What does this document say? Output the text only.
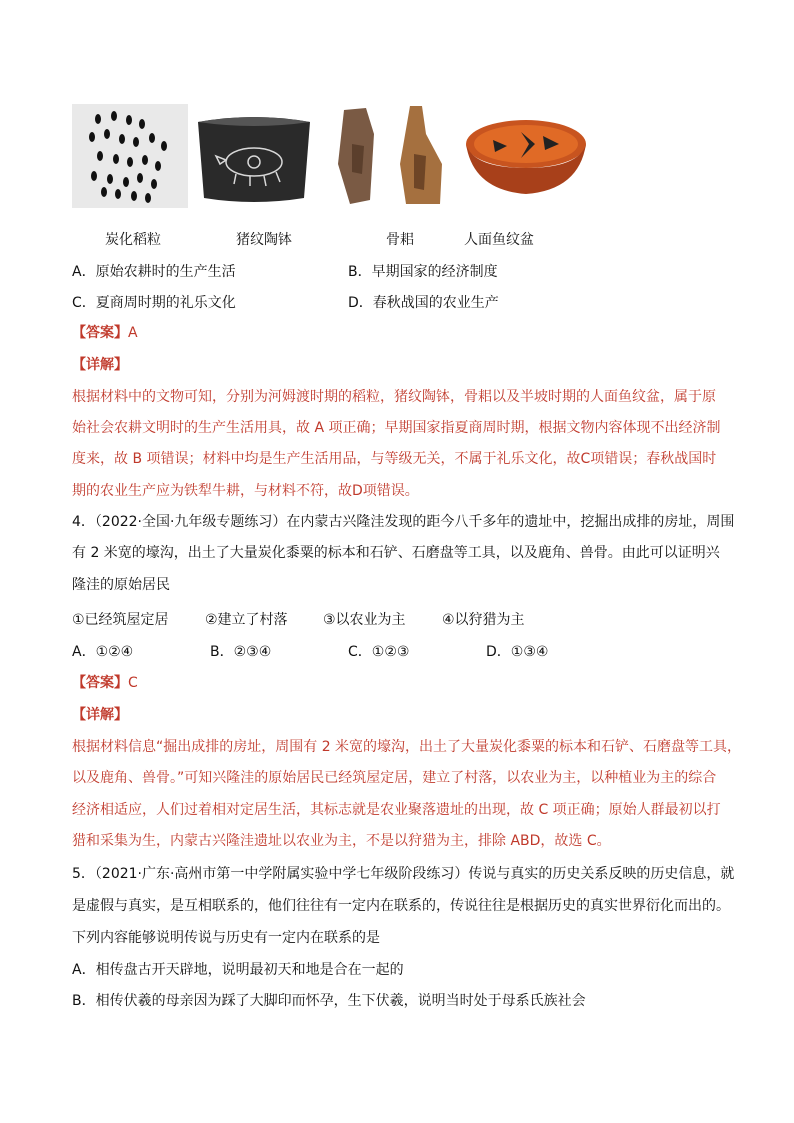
炭化稻粒	猪纹陶钵	骨耜	人面鱼纹盆
A．原始农耕时的生产生活	B．早期国家的经济制度
C．夏商周时期的礼乐文化	D．春秋战国的农业生产
【答案】A
【详解】
根据材料中的文物可知，分别为河姆渡时期的稻粒，猪纹陶钵，骨耜以及半坡时期的人面鱼纹盆，属于原
始社会农耕文明时的生产生活用具，故 A 项正确；早期国家指夏商周时期，根据文物内容体现不出经济制
度来，故 B 项错误；材料中均是生产生活用品，与等级无关，不属于礼乐文化，故C项错误；春秋战国时
期的农业生产应为铁犁牛耕，与材料不符，故D项错误。
4．（2022·全国·九年级专题练习）在内蒙古兴隆洼发现的距今八千多年的遗址中，挖掘出成排的房址，周围
有 2 米宽的壕沟，出土了大量炭化黍粟的标本和石铲、石磨盘等工具，以及鹿角、兽骨。由此可以证明兴
隆洼的原始居民
①已经筑屋定居	②建立了村落	③以农业为主	④以狩猎为主
A．①②④	B．②③④	C．①②③	D．①③④
【答案】C
【详解】
根据材料信息“掘出成排的房址，周围有 2 米宽的壕沟，出土了大量炭化黍粟的标本和石铲、石磨盘等工具，
以及鹿角、兽骨。”可知兴隆洼的原始居民已经筑屋定居，建立了村落，以农业为主，以种植业为主的综合
经济相适应，人们过着相对定居生活，其标志就是农业聚落遗址的出现，故 C 项正确；原始人群最初以打
猎和采集为生，内蒙古兴隆洼遗址以农业为主，不是以狩猎为主，排除 ABD，故选 C。
5．（2021·广东·高州市第一中学附属实验中学七年级阶段练习）传说与真实的历史关系反映的历史信息，就
是虚假与真实，是互相联系的，他们往往有一定内在联系的，传说往往是根据历史的真实世界衍化而出的。
下列内容能够说明传说与历史有一定内在联系的是
A．相传盘古开天辟地，说明最初天和地是合在一起的
B．相传伏羲的母亲因为踩了大脚印而怀孕，生下伏羲，说明当时处于母系氏族社会
